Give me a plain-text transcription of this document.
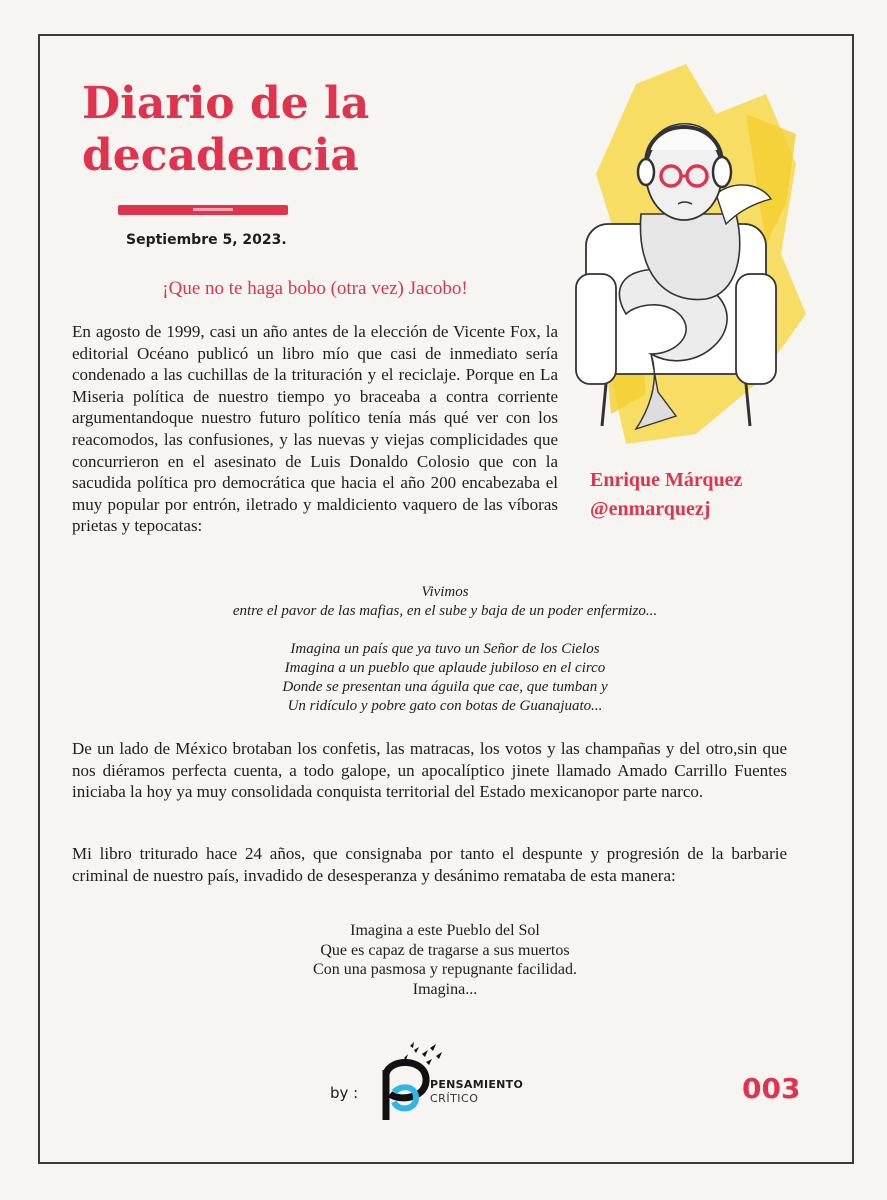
Diario de la decadencia
Septiembre 5, 2023.
¡Que no te haga bobo (otra vez) Jacobo!

En agosto de 1999, casi un año antes de la elección de Vicente Fox, la editorial Océano publicó un libro mío que casi de inmediato sería condenado a las cuchillas de la trituración y el reciclaje. Porque en La Miseria política de nuestro tiempo yo braceaba a contra corriente argumentandoque nuestro futuro político tenía más qué ver con los reacomodos, las confusiones, y las nuevas y viejas complicidades que concurrieron en el asesinato de Luis Donaldo Colosio que con la sacudida política pro democrática que hacia el año 200 encabezaba el muy popular por entrón, iletrado y maldiciento vaquero de las víboras prietas y tepocatas:

Vivimos
entre el pavor de las mafias, en el sube y baja de un poder enfermizo...
Imagina un país que ya tuvo un Señor de los Cielos
Imagina a un pueblo que aplaude jubiloso en el circo
Donde se presentan una águila que cae, que tumban y
Un ridículo y pobre gato con botas de Guanajuato...

De un lado de México brotaban los confetis, las matracas, los votos y las champañas y del otro,sin que nos diéramos perfecta cuenta, a todo galope, un apocalíptico jinete llamado Amado Carrillo Fuentes iniciaba la hoy ya muy consolidada conquista territorial del Estado mexicanopor parte narco.

Mi libro triturado hace 24 años, que consignaba por tanto el despunte y progresión de la barbarie criminal de nuestro país, invadido de desesperanza y desánimo remataba de esta manera:

Imagina a este Pueblo del Sol
Que es capaz de tragarse a sus muertos
Con una pasmosa y repugnante facilidad.
Imagina...
Enrique Márquez
@enmarquezj
by :	PENSAMIENTO
CRÍTICO	003
